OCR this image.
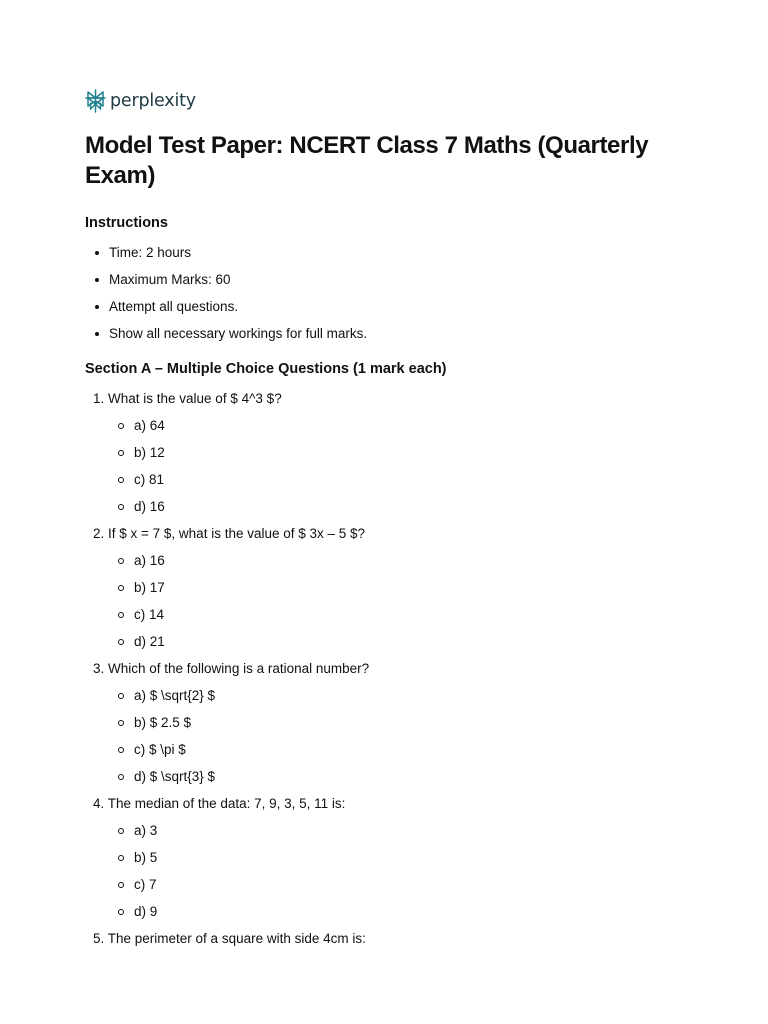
perplexity
Model Test Paper: NCERT Class 7 Maths (Quarterly Exam)
Instructions
Time: 2 hours
Maximum Marks: 60
Attempt all questions.
Show all necessary workings for full marks.
Section A – Multiple Choice Questions (1 mark each)
1. What is the value of $ 4^3 $?
a) 64
b) 12
c) 81
d) 16
2. If $ x = 7 $, what is the value of $ 3x – 5 $?
a) 16
b) 17
c) 14
d) 21
3. Which of the following is a rational number?
a) $ \sqrt{2} $
b) $ 2.5 $
c) $ \pi $
d) $ \sqrt{3} $
4. The median of the data: 7, 9, 3, 5, 11 is:
a) 3
b) 5
c) 7
d) 9
5. The perimeter of a square with side 4cm is:
